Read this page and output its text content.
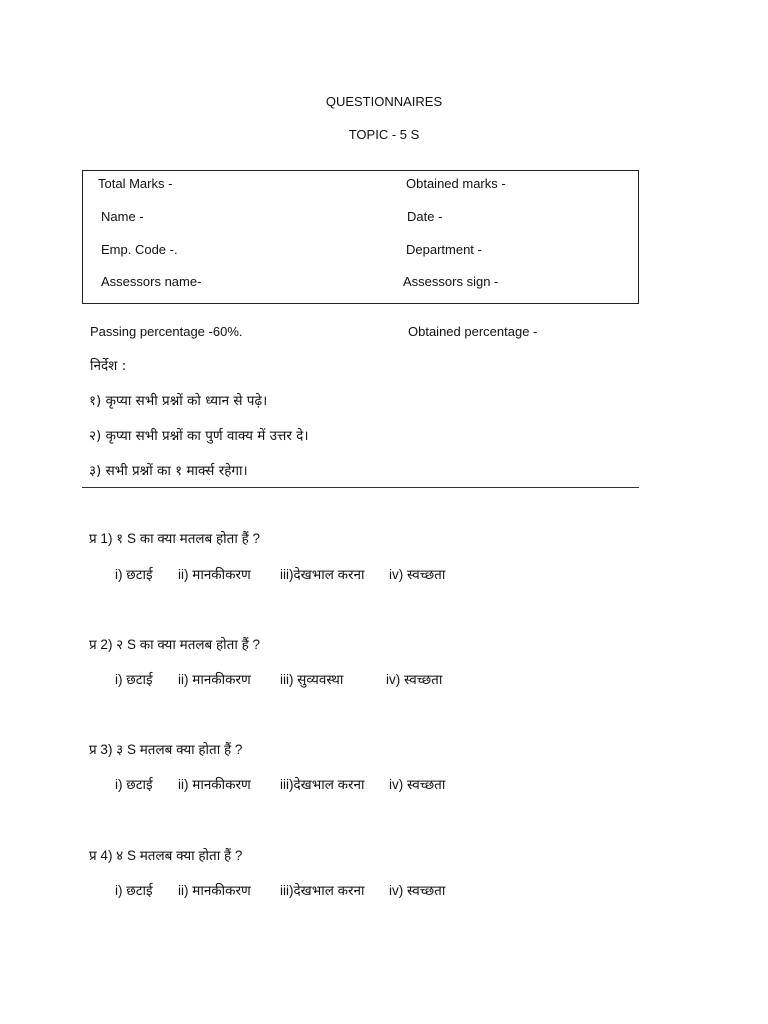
QUESTIONNAIRES
TOPIC - 5 S
Total Marks -	Obtained marks -
Name -	Date -
Emp. Code -.	Department -
Assessors name-	Assessors sign -
Passing percentage -60%.	Obtained percentage -
निर्देश :
१) कृप्या सभी प्रश्नों को ध्यान से पढ़े।
२) कृप्या सभी प्रश्नों का पुर्ण वाक्य में उत्तर दे।
३) सभी प्रश्नों का १ मार्क्स रहेगा।
प्र 1) १ S का क्या मतलब होता हैं ?
i) छटाई ii) मानकीकरण iii)देखभाल करना iv) स्वच्छता
प्र 2) २ S का क्या मतलब होता हैं ?
i) छटाई ii) मानकीकरण iii) सुव्यवस्था	iv) स्वच्छता
प्र 3) ३ S मतलब क्या होता हैं ?
i) छटाई ii) मानकीकरण iii)देखभाल करना iv) स्वच्छता
प्र 4) ४ S मतलब क्या होता हैं ?
i) छटाई ii) मानकीकरण iii)देखभाल करना iv) स्वच्छता
